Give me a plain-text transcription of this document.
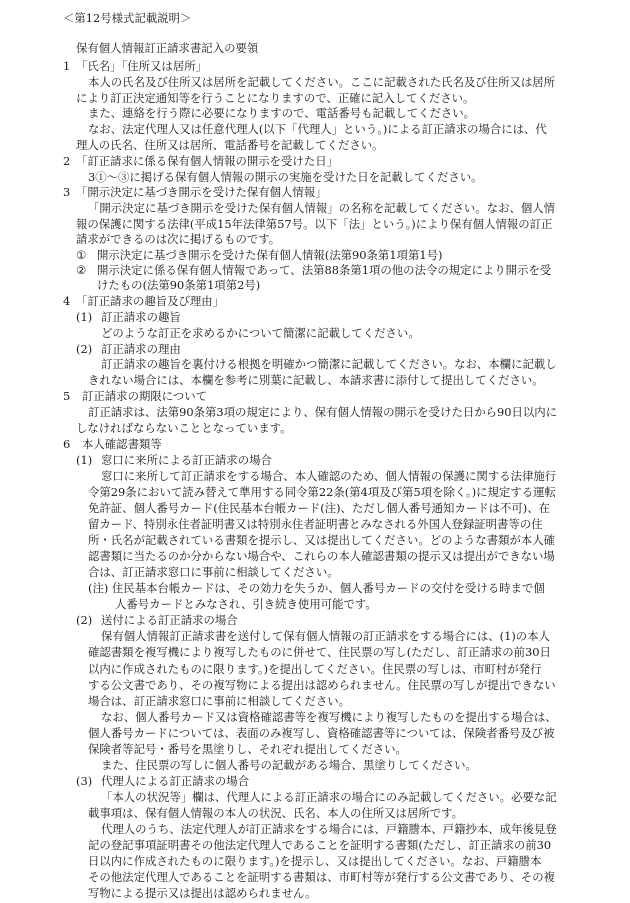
＜第12号様式記載説明＞
保有個人情報訂正請求書記入の要領
1 「氏名」「住所又は居所」
本人の氏名及び住所又は居所を記載してください。ここに記載された氏名及び住所又は居所
により訂正決定通知等を行うことになりますので、正確に記入してください。
また、連絡を行う際に必要になりますので、電話番号も記載してください。
なお、法定代理人又は任意代理人(以下「代理人」という。)による訂正請求の場合には、代
理人の氏名、住所又は居所、電話番号を記載してください。
2 「訂正請求に係る保有個人情報の開示を受けた日」
3①～③に掲げる保有個人情報の開示の実施を受けた日を記載してください。
3 「開示決定に基づき開示を受けた保有個人情報」
「開示決定に基づき開示を受けた保有個人情報」の名称を記載してください。なお、個人情
報の保護に関する法律(平成15年法律第57号。以下「法」という。)により保有個人情報の訂正
請求ができるのは次に掲げるものです。
① 開示決定に基づき開示を受けた保有個人情報(法第90条第1項第1号)
② 開示決定に係る保有個人情報であって、法第88条第1項の他の法令の規定により開示を受
けたもの(法第90条第1項第2号)
4 「訂正請求の趣旨及び理由」
(1) 訂正請求の趣旨
どのような訂正を求めるかについて簡潔に記載してください。
(2) 訂正請求の理由
訂正請求の趣旨を裏付ける根拠を明確かつ簡潔に記載してください。なお、本欄に記載し
きれない場合には、本欄を参考に別葉に記載し、本請求書に添付して提出してください。
5 訂正請求の期限について
訂正請求は、法第90条第3項の規定により、保有個人情報の開示を受けた日から90日以内に
しなければならないこととなっています。
6 本人確認書類等
(1) 窓口に来所による訂正請求の場合
窓口に来所して訂正請求をする場合、本人確認のため、個人情報の保護に関する法律施行
令第29条において読み替えて準用する同令第22条(第4項及び第5項を除く。)に規定する運転
免許証、個人番号カード(住民基本台帳カード(注)、ただし個人番号通知カードは不可)、在
留カード、特別永住者証明書又は特別永住者証明書とみなされる外国人登録証明書等の住
所・氏名が記載されている書類を提示し、又は提出してください。どのような書類が本人確
認書類に当たるのか分からない場合や、これらの本人確認書類の提示又は提出ができない場
合は、訂正請求窓口に事前に相談してください。
(注) 住民基本台帳カードは、その効力を失うか、個人番号カードの交付を受ける時まで個
人番号カードとみなされ、引き続き使用可能です。
(2) 送付による訂正請求の場合
保有個人情報訂正請求書を送付して保有個人情報の訂正請求をする場合には、(1)の本人
確認書類を複写機により複写したものに併せて、住民票の写し(ただし、訂正請求の前30日
以内に作成されたものに限ります。)を提出してください。住民票の写しは、市町村が発行
する公文書であり、その複写物による提出は認められません。住民票の写しが提出できない
場合は、訂正請求窓口に事前に相談してください。
なお、個人番号カード又は資格確認書等を複写機により複写したものを提出する場合は、
個人番号カードについては、表面のみ複写し、資格確認書等については、保険者番号及び被
保険者等記号・番号を黒塗りし、それぞれ提出してください。
また、住民票の写しに個人番号の記載がある場合、黒塗りしてください。
(3) 代理人による訂正請求の場合
「本人の状況等」欄は、代理人による訂正請求の場合にのみ記載してください。必要な記
載事項は、保有個人情報の本人の状況、氏名、本人の住所又は居所です。
代理人のうち、法定代理人が訂正請求をする場合には、戸籍謄本、戸籍抄本、成年後見登
記の登記事項証明書その他法定代理人であることを証明する書類(ただし、訂正請求の前30
日以内に作成されたものに限ります。)を提示し、又は提出してください。なお、戸籍謄本
その他法定代理人であることを証明する書類は、市町村等が発行する公文書であり、その複
写物による提示又は提出は認められません。
